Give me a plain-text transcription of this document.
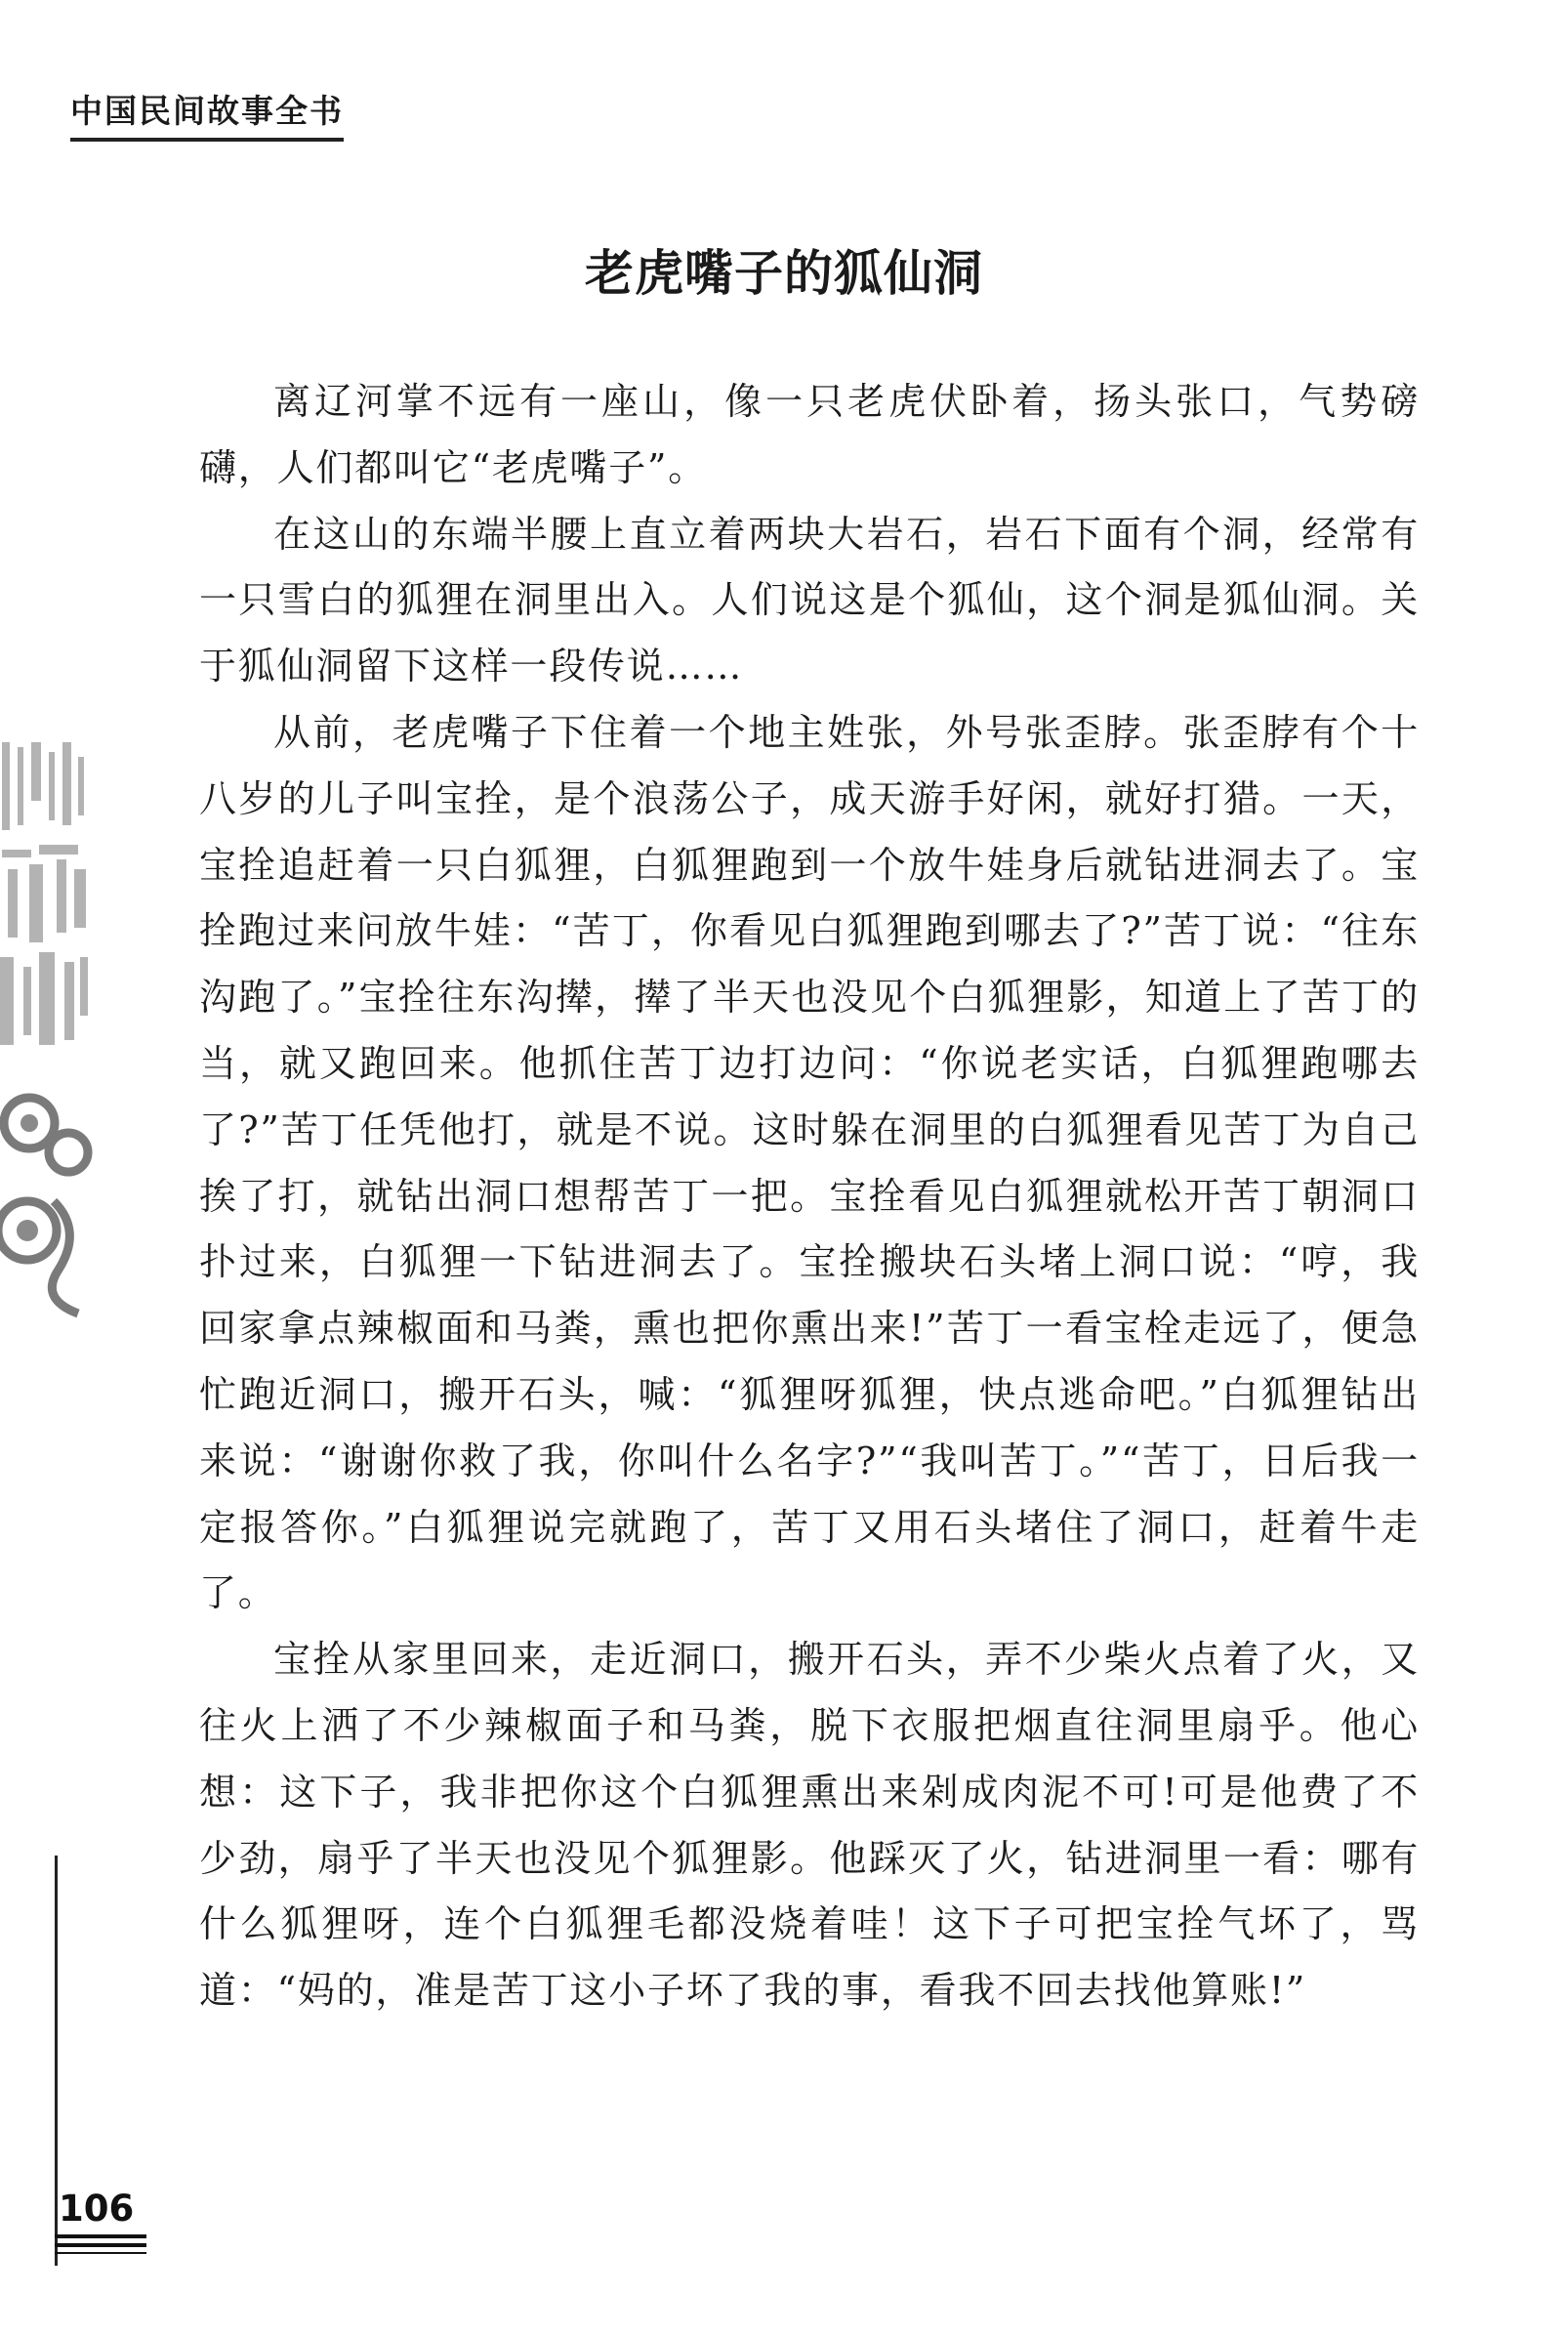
中国民间故事全书
老虎嘴子的狐仙洞

离辽河掌不远有一座山，像一只老虎伏卧着，扬头张口，气势磅礴，人们都叫它“老虎嘴子”。

在这山的东端半腰上直立着两块大岩石，岩石下面有个洞，经常有一只雪白的狐狸在洞里出入。人们说这是个狐仙，这个洞是狐仙洞。关于狐仙洞留下这样一段传说……

从前，老虎嘴子下住着一个地主姓张，外号张歪脖。张歪脖有个十八岁的儿子叫宝拴，是个浪荡公子，成天游手好闲，就好打猎。一天，宝拴追赶着一只白狐狸，白狐狸跑到一个放牛娃身后就钻进洞去了。宝拴跑过来问放牛娃：“苦丁，你看见白狐狸跑到哪去了?”苦丁说：“往东沟跑了。”宝拴往东沟撵，撵了半天也没见个白狐狸影，知道上了苦丁的当，就又跑回来。他抓住苦丁边打边问：“你说老实话，白狐狸跑哪去了?”苦丁任凭他打，就是不说。这时躲在洞里的白狐狸看见苦丁为自己挨了打，就钻出洞口想帮苦丁一把。宝拴看见白狐狸就松开苦丁朝洞口扑过来，白狐狸一下钻进洞去了。宝拴搬块石头堵上洞口说：“哼，我回家拿点辣椒面和马粪，熏也把你熏出来!”苦丁一看宝栓走远了，便急忙跑近洞口，搬开石头，喊：“狐狸呀狐狸，快点逃命吧。”白狐狸钻出来说：“谢谢你救了我，你叫什么名字?”“我叫苦丁。”“苦丁，日后我一定报答你。”白狐狸说完就跑了，苦丁又用石头堵住了洞口，赶着牛走了。

宝拴从家里回来，走近洞口，搬开石头，弄不少柴火点着了火，又往火上洒了不少辣椒面子和马粪，脱下衣服把烟直往洞里扇乎。他心想：这下子，我非把你这个白狐狸熏出来剁成肉泥不可!可是他费了不少劲，扇乎了半天也没见个狐狸影。他踩灭了火，钻进洞里一看：哪有什么狐狸呀，连个白狐狸毛都没烧着哇！这下子可把宝拴气坏了，骂道：“妈的，准是苦丁这小子坏了我的事，看我不回去找他算账!”

106
